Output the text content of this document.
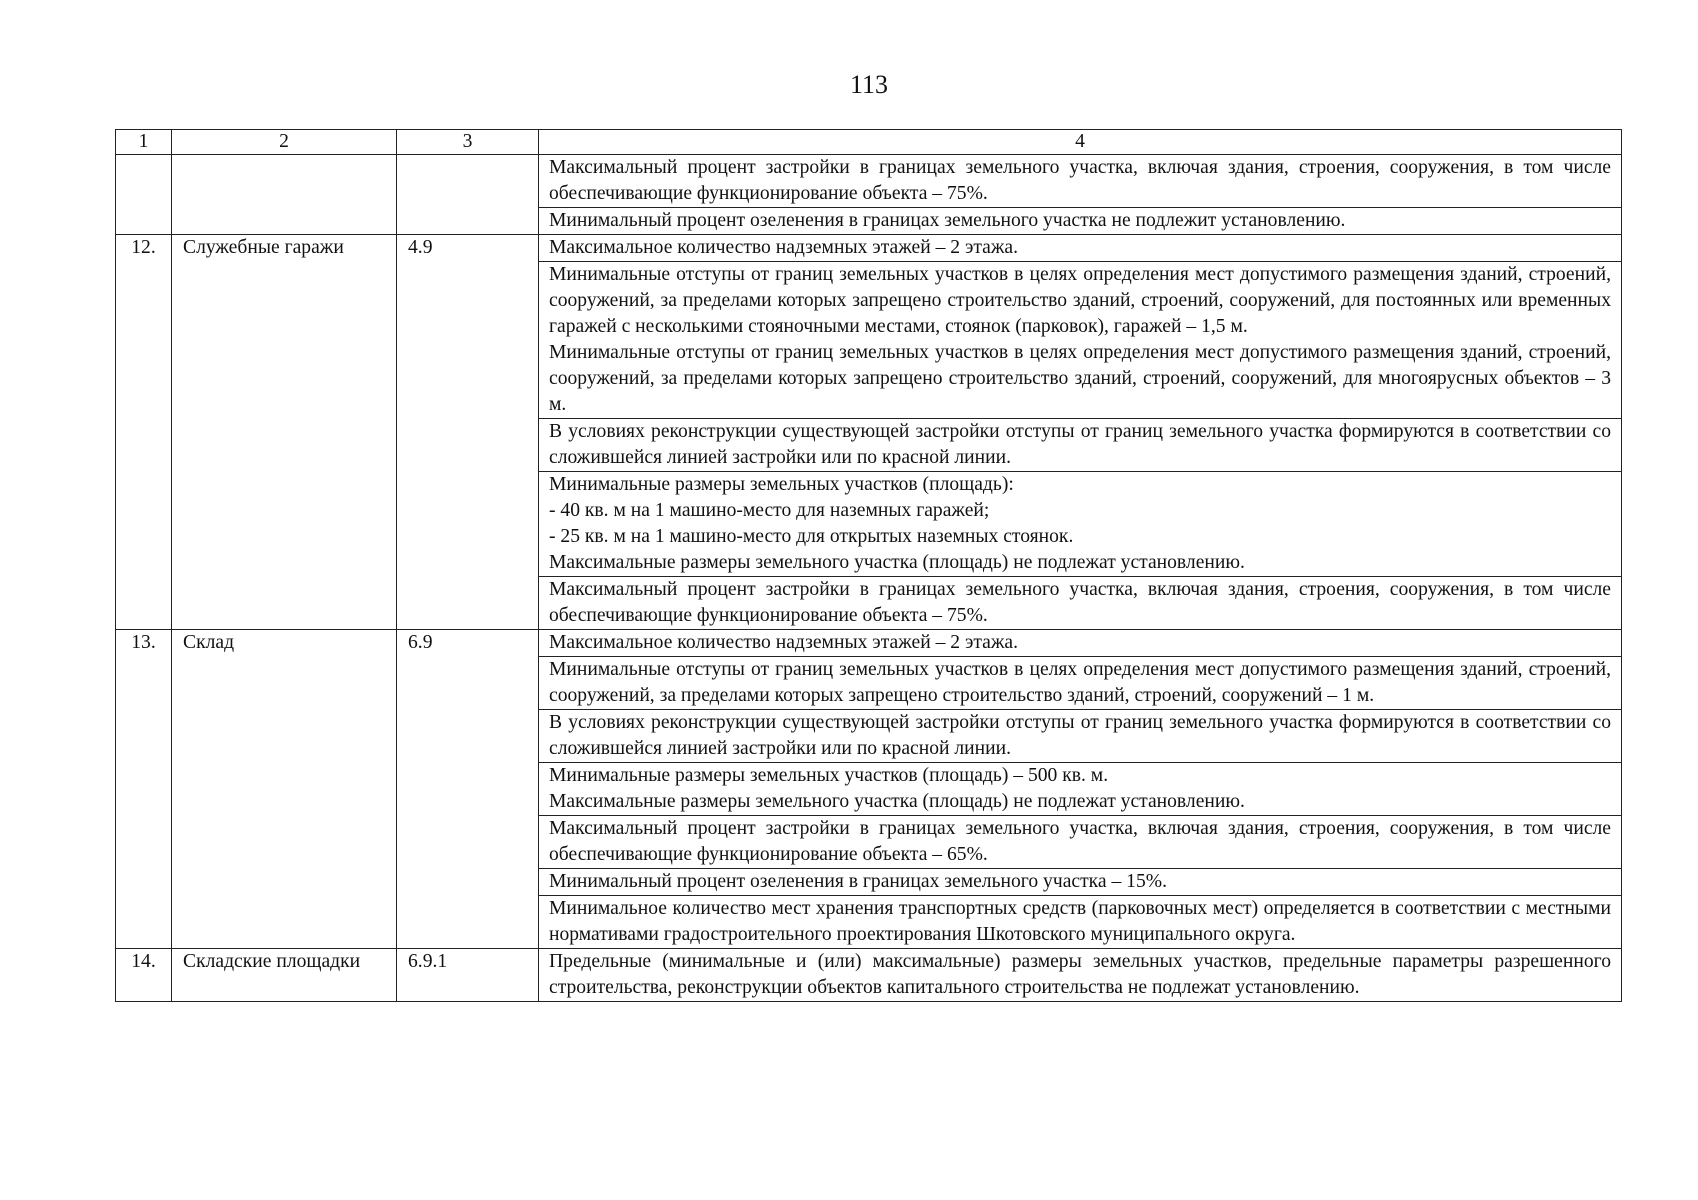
113
1	2	3	4

			Максимальный процент застройки в границах земельного участка, включая здания, строения, сооружения, в том числе обеспечивающие функционирование объекта – 75%.

			Минимальный процент озеленения в границах земельного участка не подлежит установлению.

12.	Служебные гаражи	4.9	Максимальное количество надземных этажей – 2 этажа.

			Минимальные отступы от границ земельных участков в целях определения мест допустимого размещения зданий, строений, сооружений, за пределами которых запрещено строительство зданий, строений, сооружений, для постоянных или временных гаражей с несколькими стояночными местами, стоянок (парковок), гаражей – 1,5 м.
Минимальные отступы от границ земельных участков в целях определения мест допустимого размещения зданий, строений, сооружений, за пределами которых запрещено строительство зданий, строений, сооружений, для многоярусных объектов – 3 м.

			В условиях реконструкции существующей застройки отступы от границ земельного участка формируются в соответствии со сложившейся линией застройки или по красной линии.

			Минимальные размеры земельных участков (площадь):
- 40 кв. м на 1 машино-место для наземных гаражей;
- 25 кв. м на 1 машино-место для открытых наземных стоянок.
Максимальные размеры земельного участка (площадь) не подлежат установлению.

			Максимальный процент застройки в границах земельного участка, включая здания, строения, сооружения, в том числе обеспечивающие функционирование объекта – 75%.

13.	Склад	6.9	Максимальное количество надземных этажей – 2 этажа.

			Минимальные отступы от границ земельных участков в целях определения мест допустимого размещения зданий, строений, сооружений, за пределами которых запрещено строительство зданий, строений, сооружений – 1 м.

			В условиях реконструкции существующей застройки отступы от границ земельного участка формируются в соответствии со сложившейся линией застройки или по красной линии.

			Минимальные размеры земельных участков (площадь) – 500 кв. м.
Максимальные размеры земельного участка (площадь) не подлежат установлению.

			Максимальный процент застройки в границах земельного участка, включая здания, строения, сооружения, в том числе обеспечивающие функционирование объекта – 65%.

			Минимальный процент озеленения в границах земельного участка – 15%.

			Минимальное количество мест хранения транспортных средств (парковочных мест) определяется в соответствии с местными нормативами градостроительного проектирования Шкотовского муниципального округа.

14.	Складские площадки	6.9.1	Предельные (минимальные и (или) максимальные) размеры земельных участков, предельные параметры разрешенного строительства, реконструкции объектов капитального строительства не подлежат установлению.
